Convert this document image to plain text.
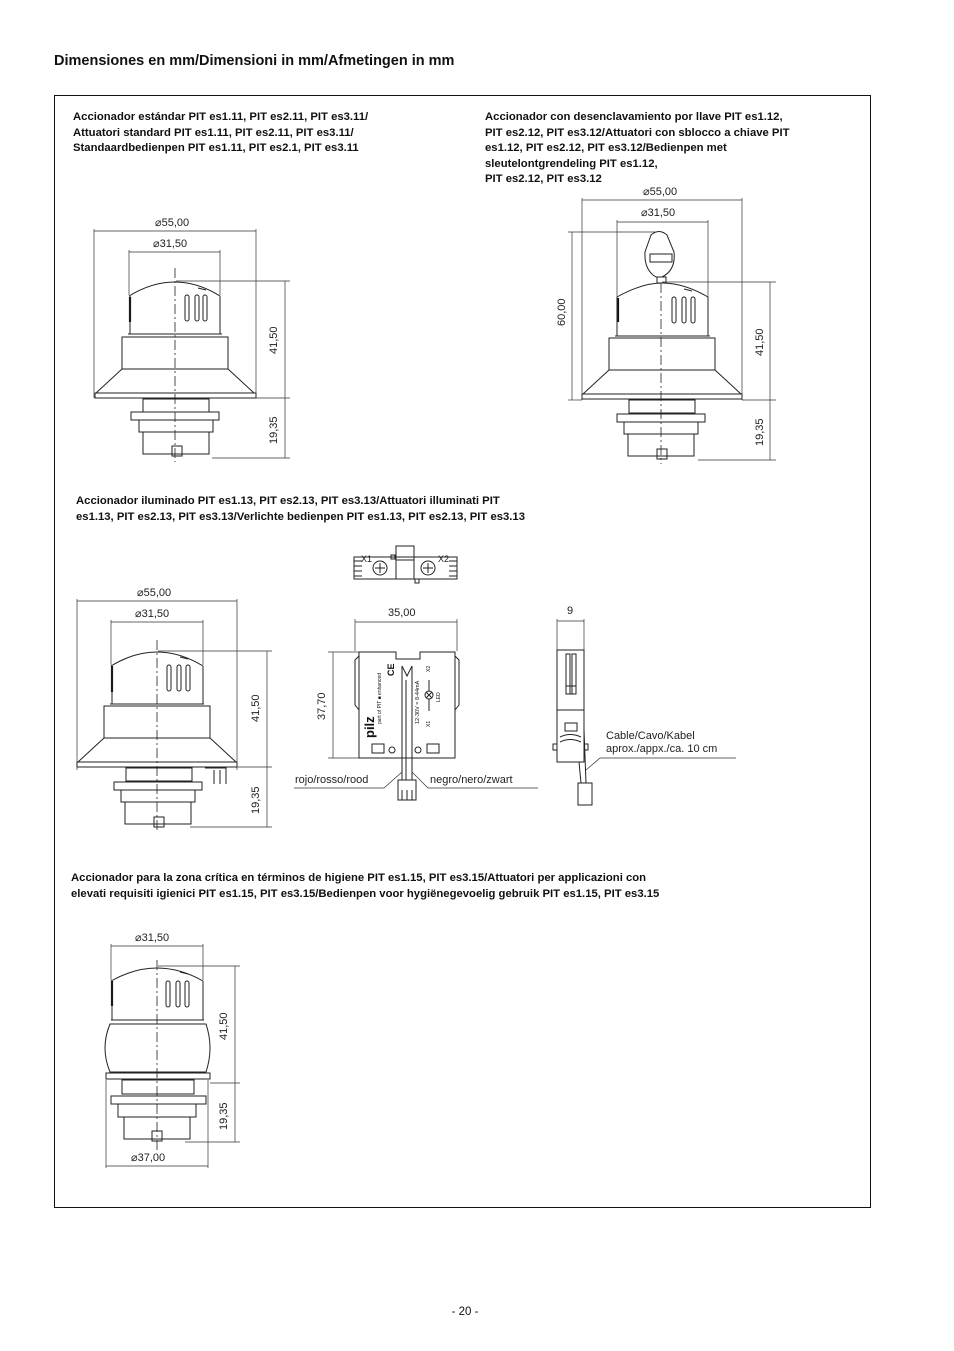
Dimensiones en mm/Dimensioni in mm/Afmetingen in mm
Accionador estándar PIT es1.11, PIT es2.11, PIT es3.11/
Attuatori standard PIT es1.11, PIT es2.11, PIT es3.11/
Standaardbedienpen PIT es1.11, PIT es2.1, PIT es3.11
⌀55,00
⌀31,50
41,50
19,35
Accionador con desenclavamiento por llave PIT es1.12,
PIT es2.12, PIT es3.12/Attuatori con sblocco a chiave PIT
es1.12, PIT es2.12, PIT es3.12/Bedienpen met
sleutelontgrendeling PIT es1.12,
PIT es2.12, PIT es3.12
⌀55,00
⌀31,50
60,00
41,50
19,35
Accionador iluminado PIT es1.13, PIT es2.13, PIT es3.13/Attuatori illuminati PIT
es1.13, PIT es2.13, PIT es3.13/Verlichte bedienpen PIT es1.13, PIT es2.13, PIT es3.13
⌀55,00
⌀31,50
41,50
19,35
X1	X2
35,00
37,70
9
pilz
part of PIT ■ enhanced
CE
12-30V = 8-44mA X1
X2
LED
rojo/rosso/rood	negro/nero/zwart
Cable/Cavo/Kabel
aprox./appx./ca. 10 cm
Accionador para la zona crítica en términos de higiene PIT es1.15, PIT es3.15/Attuatori per applicazioni con
elevati requisiti igienici PIT es1.15, PIT es3.15/Bedienpen voor hygiënegevoelig gebruik PIT es1.15, PIT es3.15
⌀31,50
41,50
19,35
⌀37,00
- 20 -
